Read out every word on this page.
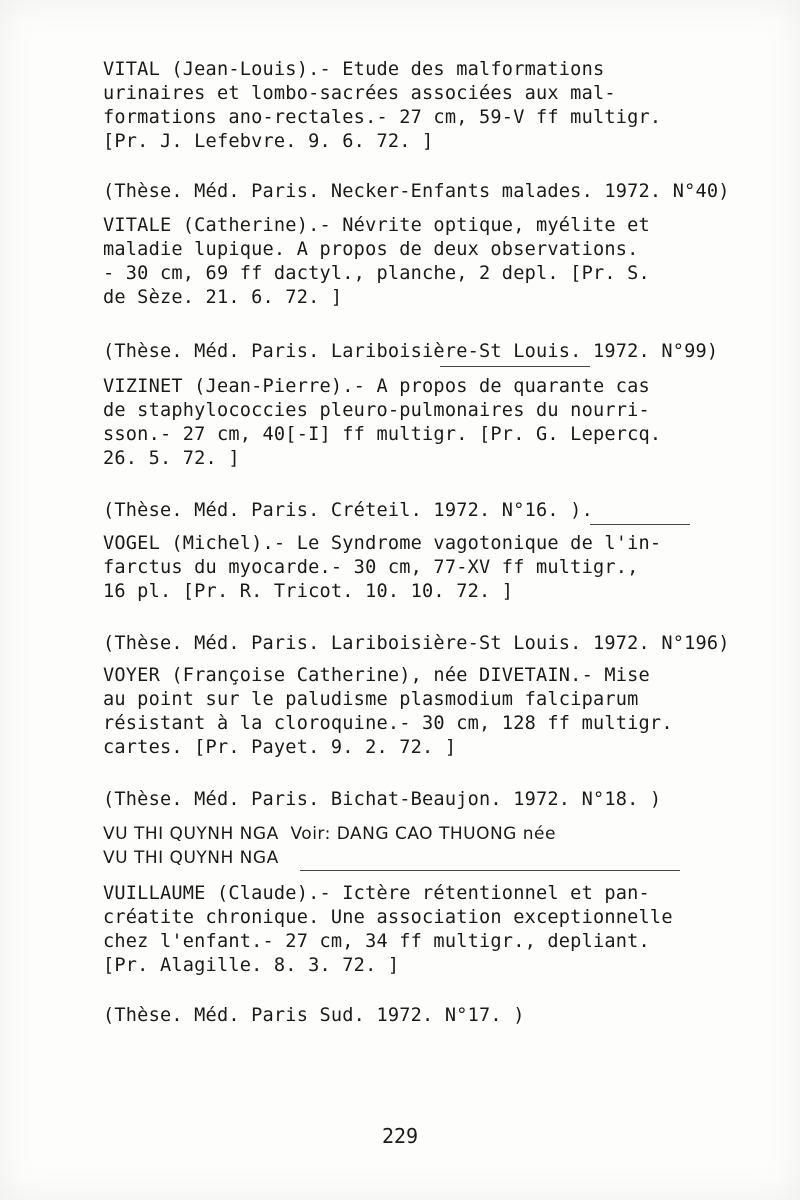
VITAL (Jean-Louis).- Etude des malformations
urinaires et lombo-sacrées associées aux mal-
formations ano-rectales.- 27 cm, 59-V ff multigr.
[Pr. J. Lefebvre. 9. 6. 72. ]
(Thèse. Méd. Paris. Necker-Enfants malades. 1972. N°40)
VITALE (Catherine).- Névrite optique, myélite et
maladie lupique. A propos de deux observations.
- 30 cm, 69 ff dactyl., planche, 2 depl. [Pr. S.
de Sèze. 21. 6. 72. ]
(Thèse. Méd. Paris. Lariboisière-St Louis. 1972. N°99)
VIZINET (Jean-Pierre).- A propos de quarante cas
de staphylococcies pleuro-pulmonaires du nourri-
sson.- 27 cm, 40[-I] ff multigr. [Pr. G. Lepercq.
26. 5. 72. ]
(Thèse. Méd. Paris. Créteil. 1972. N°16. ).
VOGEL (Michel).- Le Syndrome vagotonique de l'in-
farctus du myocarde.- 30 cm, 77-XV ff multigr.,
16 pl. [Pr. R. Tricot. 10. 10. 72. ]
(Thèse. Méd. Paris. Lariboisière-St Louis. 1972. N°196)
VOYER (Françoise Catherine), née DIVETAIN.- Mise
au point sur le paludisme plasmodium falciparum
résistant à la cloroquine.- 30 cm, 128 ff multigr.
cartes. [Pr. Payet. 9. 2. 72. ]
(Thèse. Méd. Paris. Bichat-Beaujon. 1972. N°18. )
VU THI QUYNH NGA  Voir: DANG CAO THUONG née
VU THI QUYNH NGA
VUILLAUME (Claude).- Ictère rétentionnel et pan-
créatite chronique. Une association exceptionnelle
chez l'enfant.- 27 cm, 34 ff multigr., depliant.
[Pr. Alagille. 8. 3. 72. ]
(Thèse. Méd. Paris Sud. 1972. N°17. )
229
